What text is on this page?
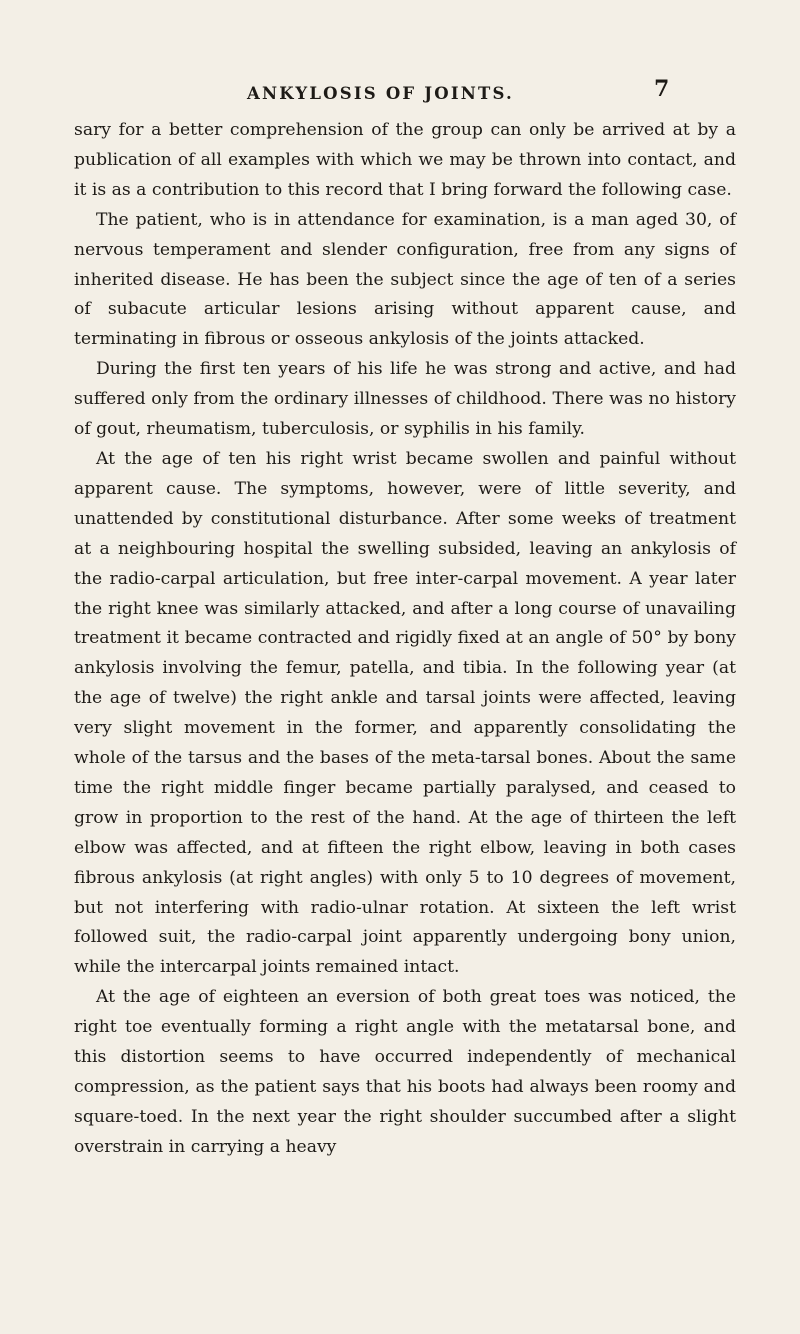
ANKYLOSIS OF JOINTS.	7

sary for a better comprehension of the group can only be arrived at by a publication of all examples with which we may be thrown into contact, and it is as a contribution to this record that I bring forward the following case.

The patient, who is in attendance for examination, is a man aged 30, of nervous temperament and slender configuration, free from any signs of inherited disease. He has been the subject since the age of ten of a series of subacute articular lesions arising without apparent cause, and terminating in fibrous or osseous ankylosis of the joints attacked.

During the first ten years of his life he was strong and active, and had suffered only from the ordinary illnesses of childhood. There was no history of gout, rheumatism, tuberculosis, or syphilis in his family.

At the age of ten his right wrist became swollen and painful without apparent cause. The symptoms, however, were of little severity, and unattended by constitutional disturbance. After some weeks of treatment at a neighbouring hospital the swelling subsided, leaving an ankylosis of the radio-carpal articulation, but free inter-carpal movement. A year later the right knee was similarly attacked, and after a long course of unavailing treatment it became contracted and rigidly fixed at an angle of 50° by bony ankylosis involving the femur, patella, and tibia. In the following year (at the age of twelve) the right ankle and tarsal joints were affected, leaving very slight movement in the former, and apparently consolidating the whole of the tarsus and the bases of the meta-tarsal bones. About the same time the right middle finger became partially paralysed, and ceased to grow in proportion to the rest of the hand. At the age of thirteen the left elbow was affected, and at fifteen the right elbow, leaving in both cases fibrous ankylosis (at right angles) with only 5 to 10 degrees of movement, but not interfering with radio-ulnar rotation. At sixteen the left wrist followed suit, the radio-carpal joint apparently undergoing bony union, while the intercarpal joints remained intact.

At the age of eighteen an eversion of both great toes was noticed, the right toe eventually forming a right angle with the metatarsal bone, and this distortion seems to have occurred independently of mechanical compression, as the patient says that his boots had always been roomy and square-toed. In the next year the right shoulder succumbed after a slight overstrain in carrying a heavy
